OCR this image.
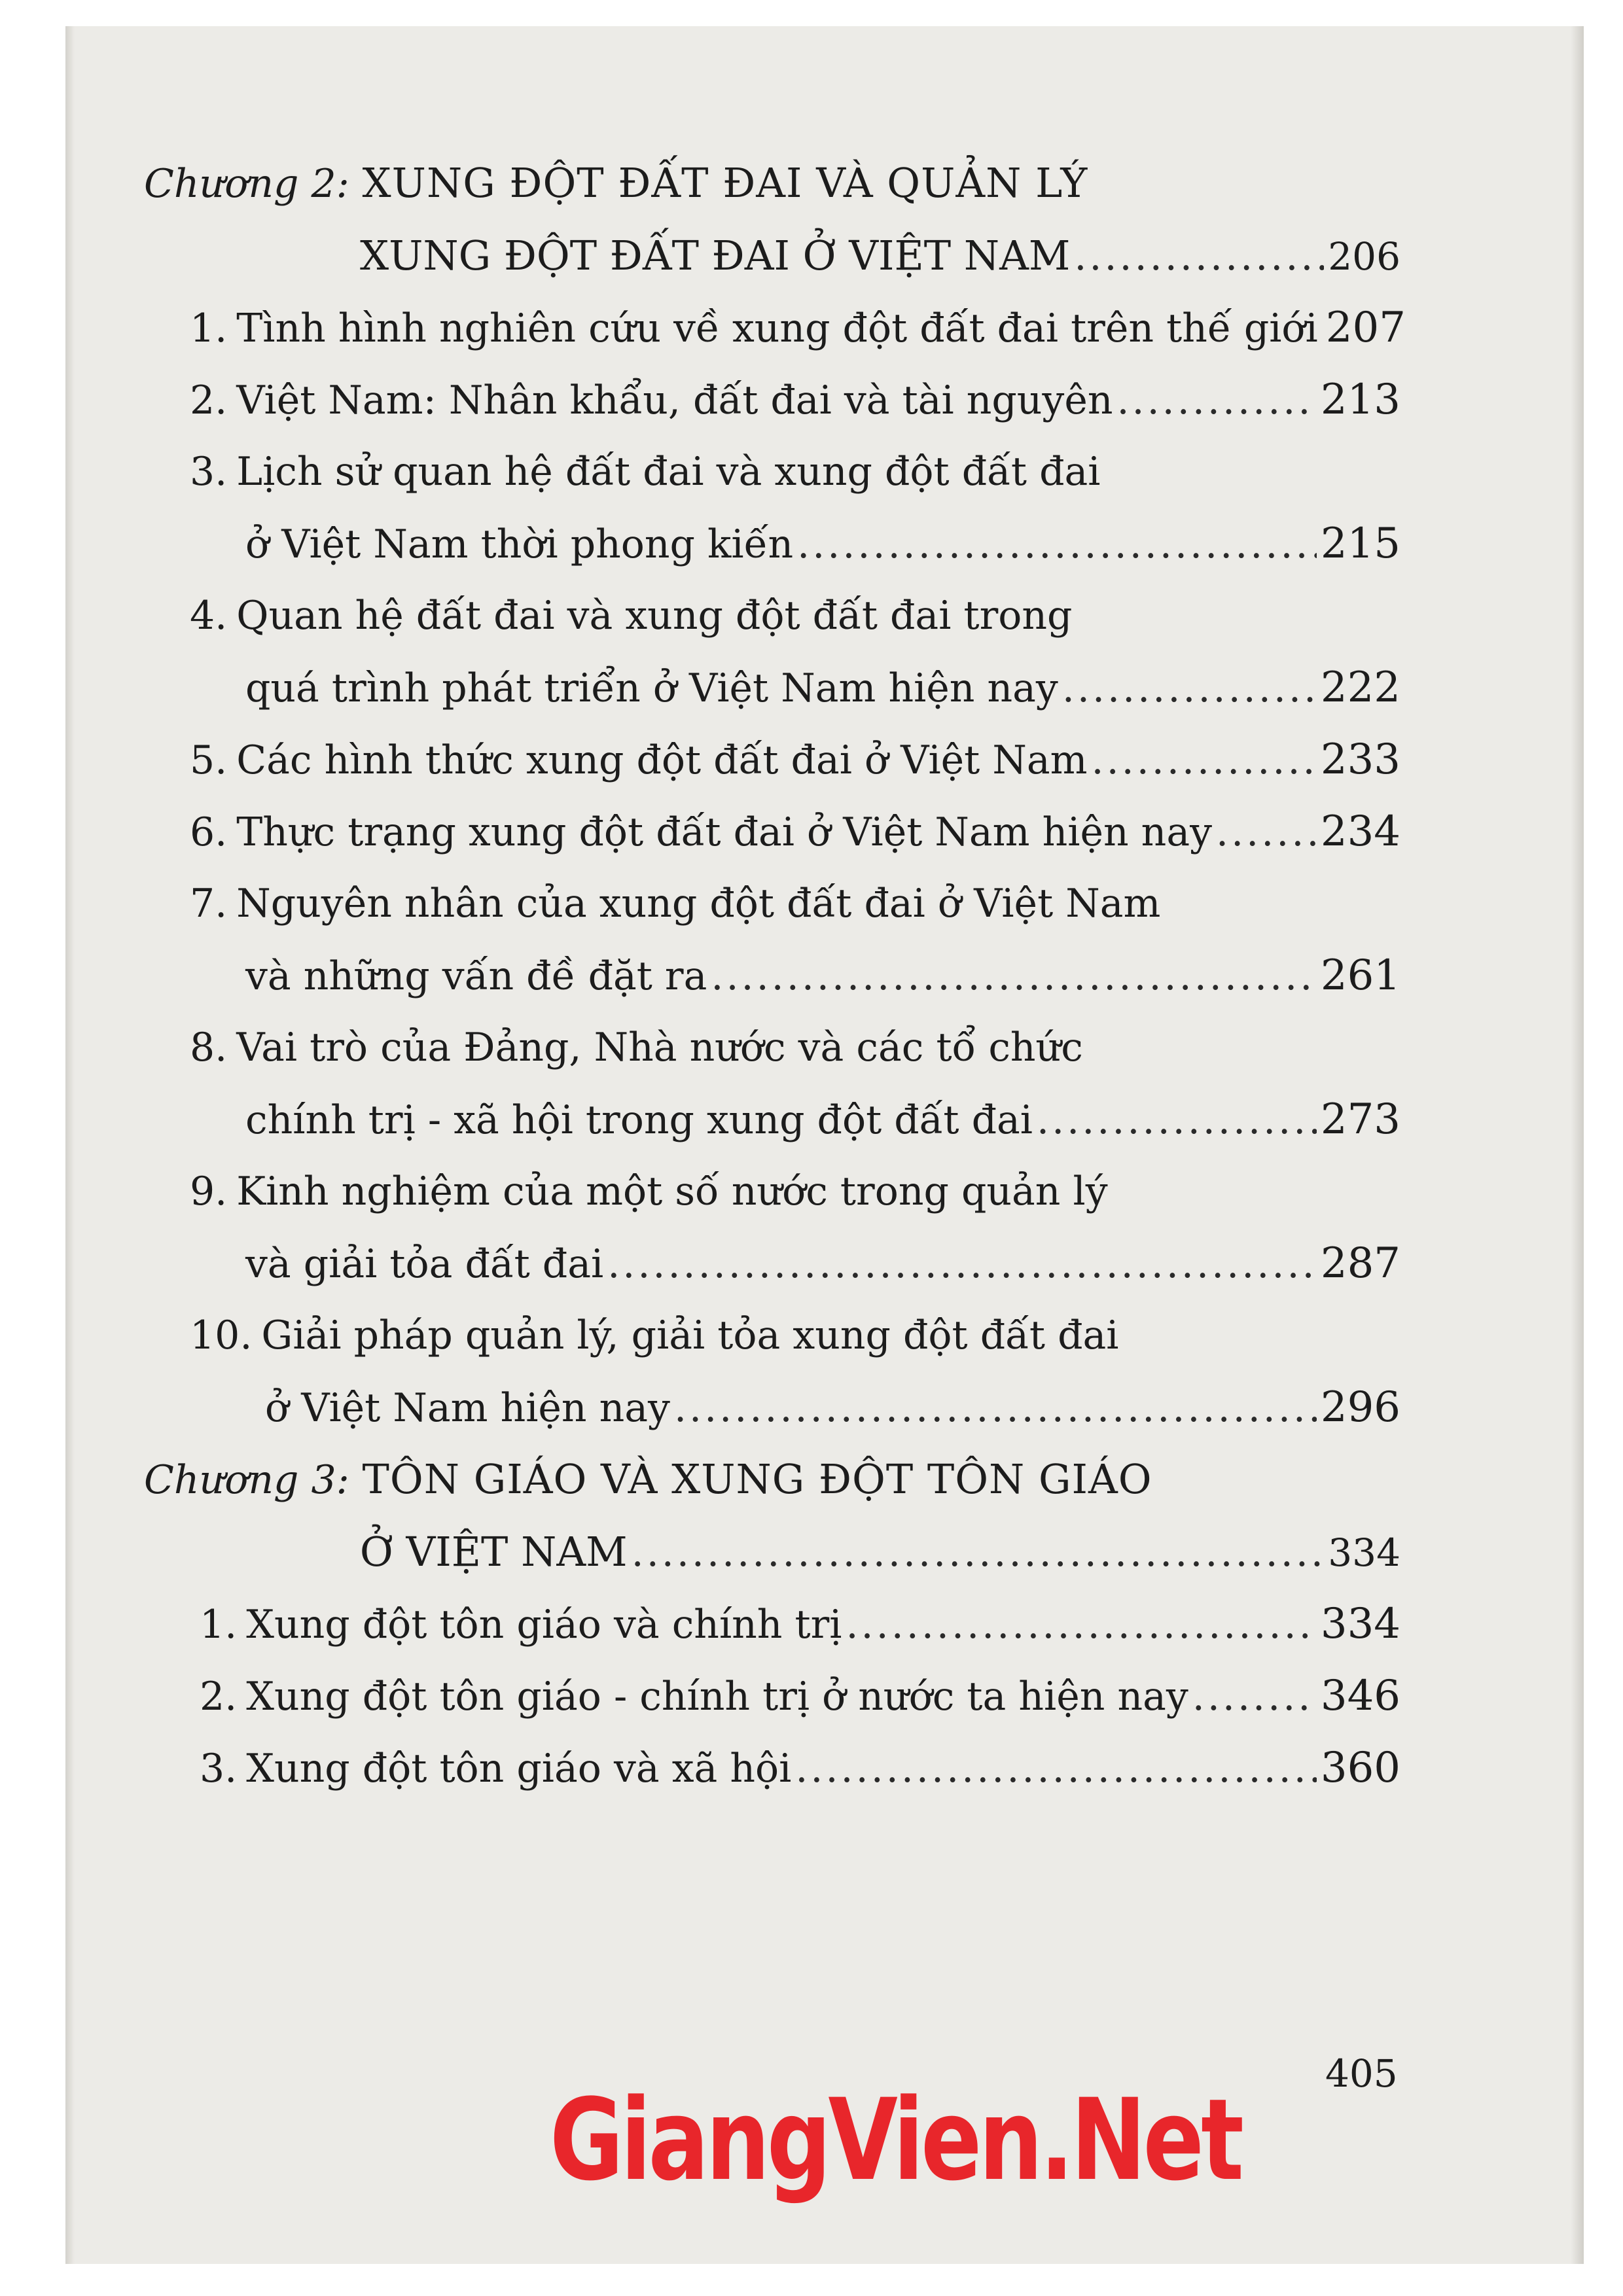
Chương 2: XUNG ĐỘT ĐẤT ĐAI VÀ QUẢN LÝ
XUNG ĐỘT ĐẤT ĐAI Ở VIỆT NAM .....	206
1. Tình hình nghiên cứu về xung đột đất đai trên thế giới 207
2. Việt Nam: Nhân khẩu, đất đai và tài nguyên .....	213
3. Lịch sử quan hệ đất đai và xung đột đất đai
ở Việt Nam thời phong kiến .....	215
4. Quan hệ đất đai và xung đột đất đai trong
quá trình phát triển ở Việt Nam hiện nay .....	222
5. Các hình thức xung đột đất đai ở Việt Nam .....	233
6. Thực trạng xung đột đất đai ở Việt Nam hiện nay .....	234
7. Nguyên nhân của xung đột đất đai ở Việt Nam
và những vấn đề đặt ra .....	261
8. Vai trò của Đảng, Nhà nước và các tổ chức
chính trị - xã hội trong xung đột đất đai .....	273
9. Kinh nghiệm của một số nước trong quản lý
và giải tỏa đất đai .....	287
10. Giải pháp quản lý, giải tỏa xung đột đất đai
ở Việt Nam hiện nay .....	296
Chương 3: TÔN GIÁO VÀ XUNG ĐỘT TÔN GIÁO
Ở VIỆT NAM .....	334
1. Xung đột tôn giáo và chính trị .....	334
2. Xung đột tôn giáo - chính trị ở nước ta hiện nay .....	346
3. Xung đột tôn giáo và xã hội .....	360
405
GiangVien.Net
